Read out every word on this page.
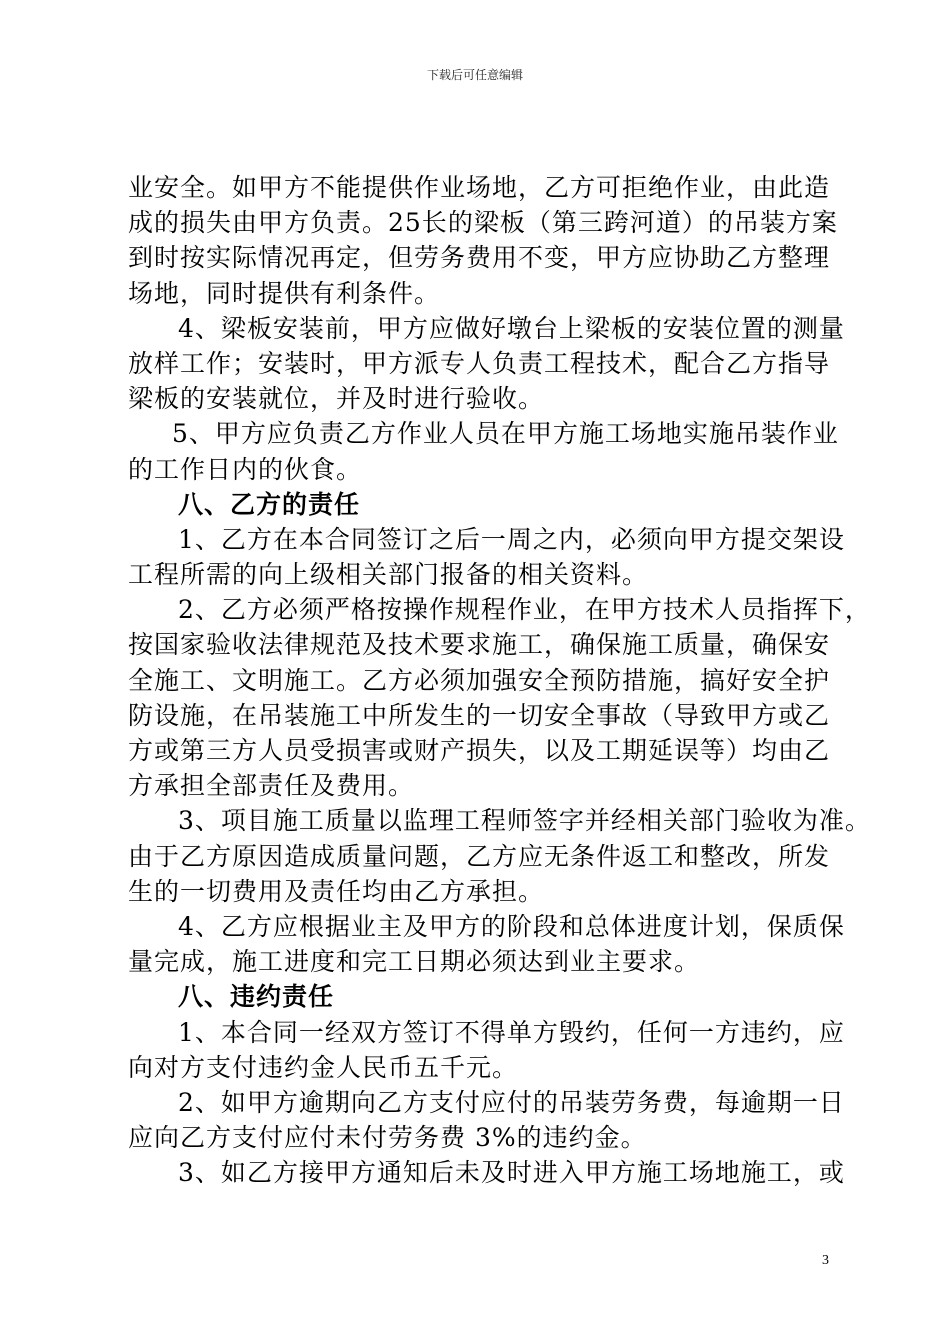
下载后可任意编辑
业安全。如甲方不能提供作业场地，乙方可拒绝作业，由此造
成的损失由甲方负责。25长的梁板（第三跨河道）的吊装方案
到时按实际情况再定，但劳务费用不变，甲方应协助乙方整理
场地，同时提供有利条件。
4、梁板安装前，甲方应做好墩台上梁板的安装位置的测量
放样工作；安装时，甲方派专人负责工程技术，配合乙方指导
梁板的安装就位，并及时进行验收。
5、甲方应负责乙方作业人员在甲方施工场地实施吊装作业
的工作日内的伙食。
八、乙方的责任
1、乙方在本合同签订之后一周之内，必须向甲方提交架设
工程所需的向上级相关部门报备的相关资料。
2、乙方必须严格按操作规程作业，在甲方技术人员指挥下，
按国家验收法律规范及技术要求施工，确保施工质量，确保安
全施工、文明施工。乙方必须加强安全预防措施，搞好安全护
防设施，在吊装施工中所发生的一切安全事故（导致甲方或乙
方或第三方人员受损害或财产损失，以及工期延误等）均由乙
方承担全部责任及费用。
3、项目施工质量以监理工程师签字并经相关部门验收为准。
由于乙方原因造成质量问题，乙方应无条件返工和整改，所发
生的一切费用及责任均由乙方承担。
4、乙方应根据业主及甲方的阶段和总体进度计划，保质保
量完成，施工进度和完工日期必须达到业主要求。
八、违约责任
1、本合同一经双方签订不得单方毁约，任何一方违约，应
向对方支付违约金人民币五千元。
2、如甲方逾期向乙方支付应付的吊装劳务费，每逾期一日
应向乙方支付应付未付劳务费 3%的违约金。
3、如乙方接甲方通知后未及时进入甲方施工场地施工，或
3
